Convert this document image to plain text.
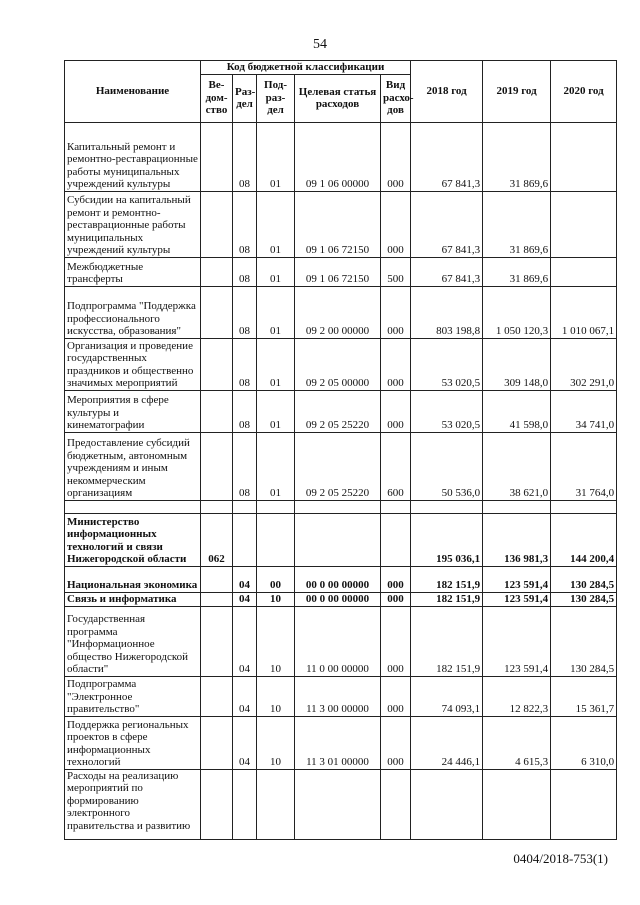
54
Наименование	Код бюджетной классификации					2018 год	2019 год	2020 год
	Ве-дом-ство	Раз-дел	Под-раз-дел	Целевая статья расходов	Вид расхо-дов			
Капитальный ремонт и ремонтно-реставрационные работы муниципальных учреждений культуры		08	01	09 1 06 00000	000	67 841,3	31 869,6	
Субсидии на капитальный ремонт и ремонтно-реставрационные работы муниципальных учреждений культуры		08	01	09 1 06 72150	000	67 841,3	31 869,6	
Межбюджетные трансферты		08	01	09 1 06 72150	500	67 841,3	31 869,6	
Подпрограмма "Поддержка профессионального искусства, образования"		08	01	09 2 00 00000	000	803 198,8	1 050 120,3	1 010 067,1
Организация и проведение государственных праздников и общественно значимых мероприятий		08	01	09 2 05 00000	000	53 020,5	309 148,0	302 291,0
Мероприятия в сфере культуры и кинематографии		08	01	09 2 05 25220	000	53 020,5	41 598,0	34 741,0
Предоставление субсидий бюджетным, автономным учреждениям и иным некоммерческим организациям		08	01	09 2 05 25220	600	50 536,0	38 621,0	31 764,0

Министерство информационных технологий и связи Нижегородской области	062					195 036,1	136 981,3	144 200,4
Национальная экономика		04	00	00 0 00 00000	000	182 151,9	123 591,4	130 284,5
Связь и информатика		04	10	00 0 00 00000	000	182 151,9	123 591,4	130 284,5
Государственная программа "Информационное общество Нижегородской области"		04	10	11 0 00 00000	000	182 151,9	123 591,4	130 284,5
Подпрограмма "Электронное правительство"		04	10	11 3 00 00000	000	74 093,1	12 822,3	15 361,7
Поддержка региональных проектов в сфере информационных технологий		04	10	11 3 01 00000	000	24 446,1	4 615,3	6 310,0
Расходы на реализацию мероприятий по формированию электронного правительства и развитию								
0404/2018-753(1)
